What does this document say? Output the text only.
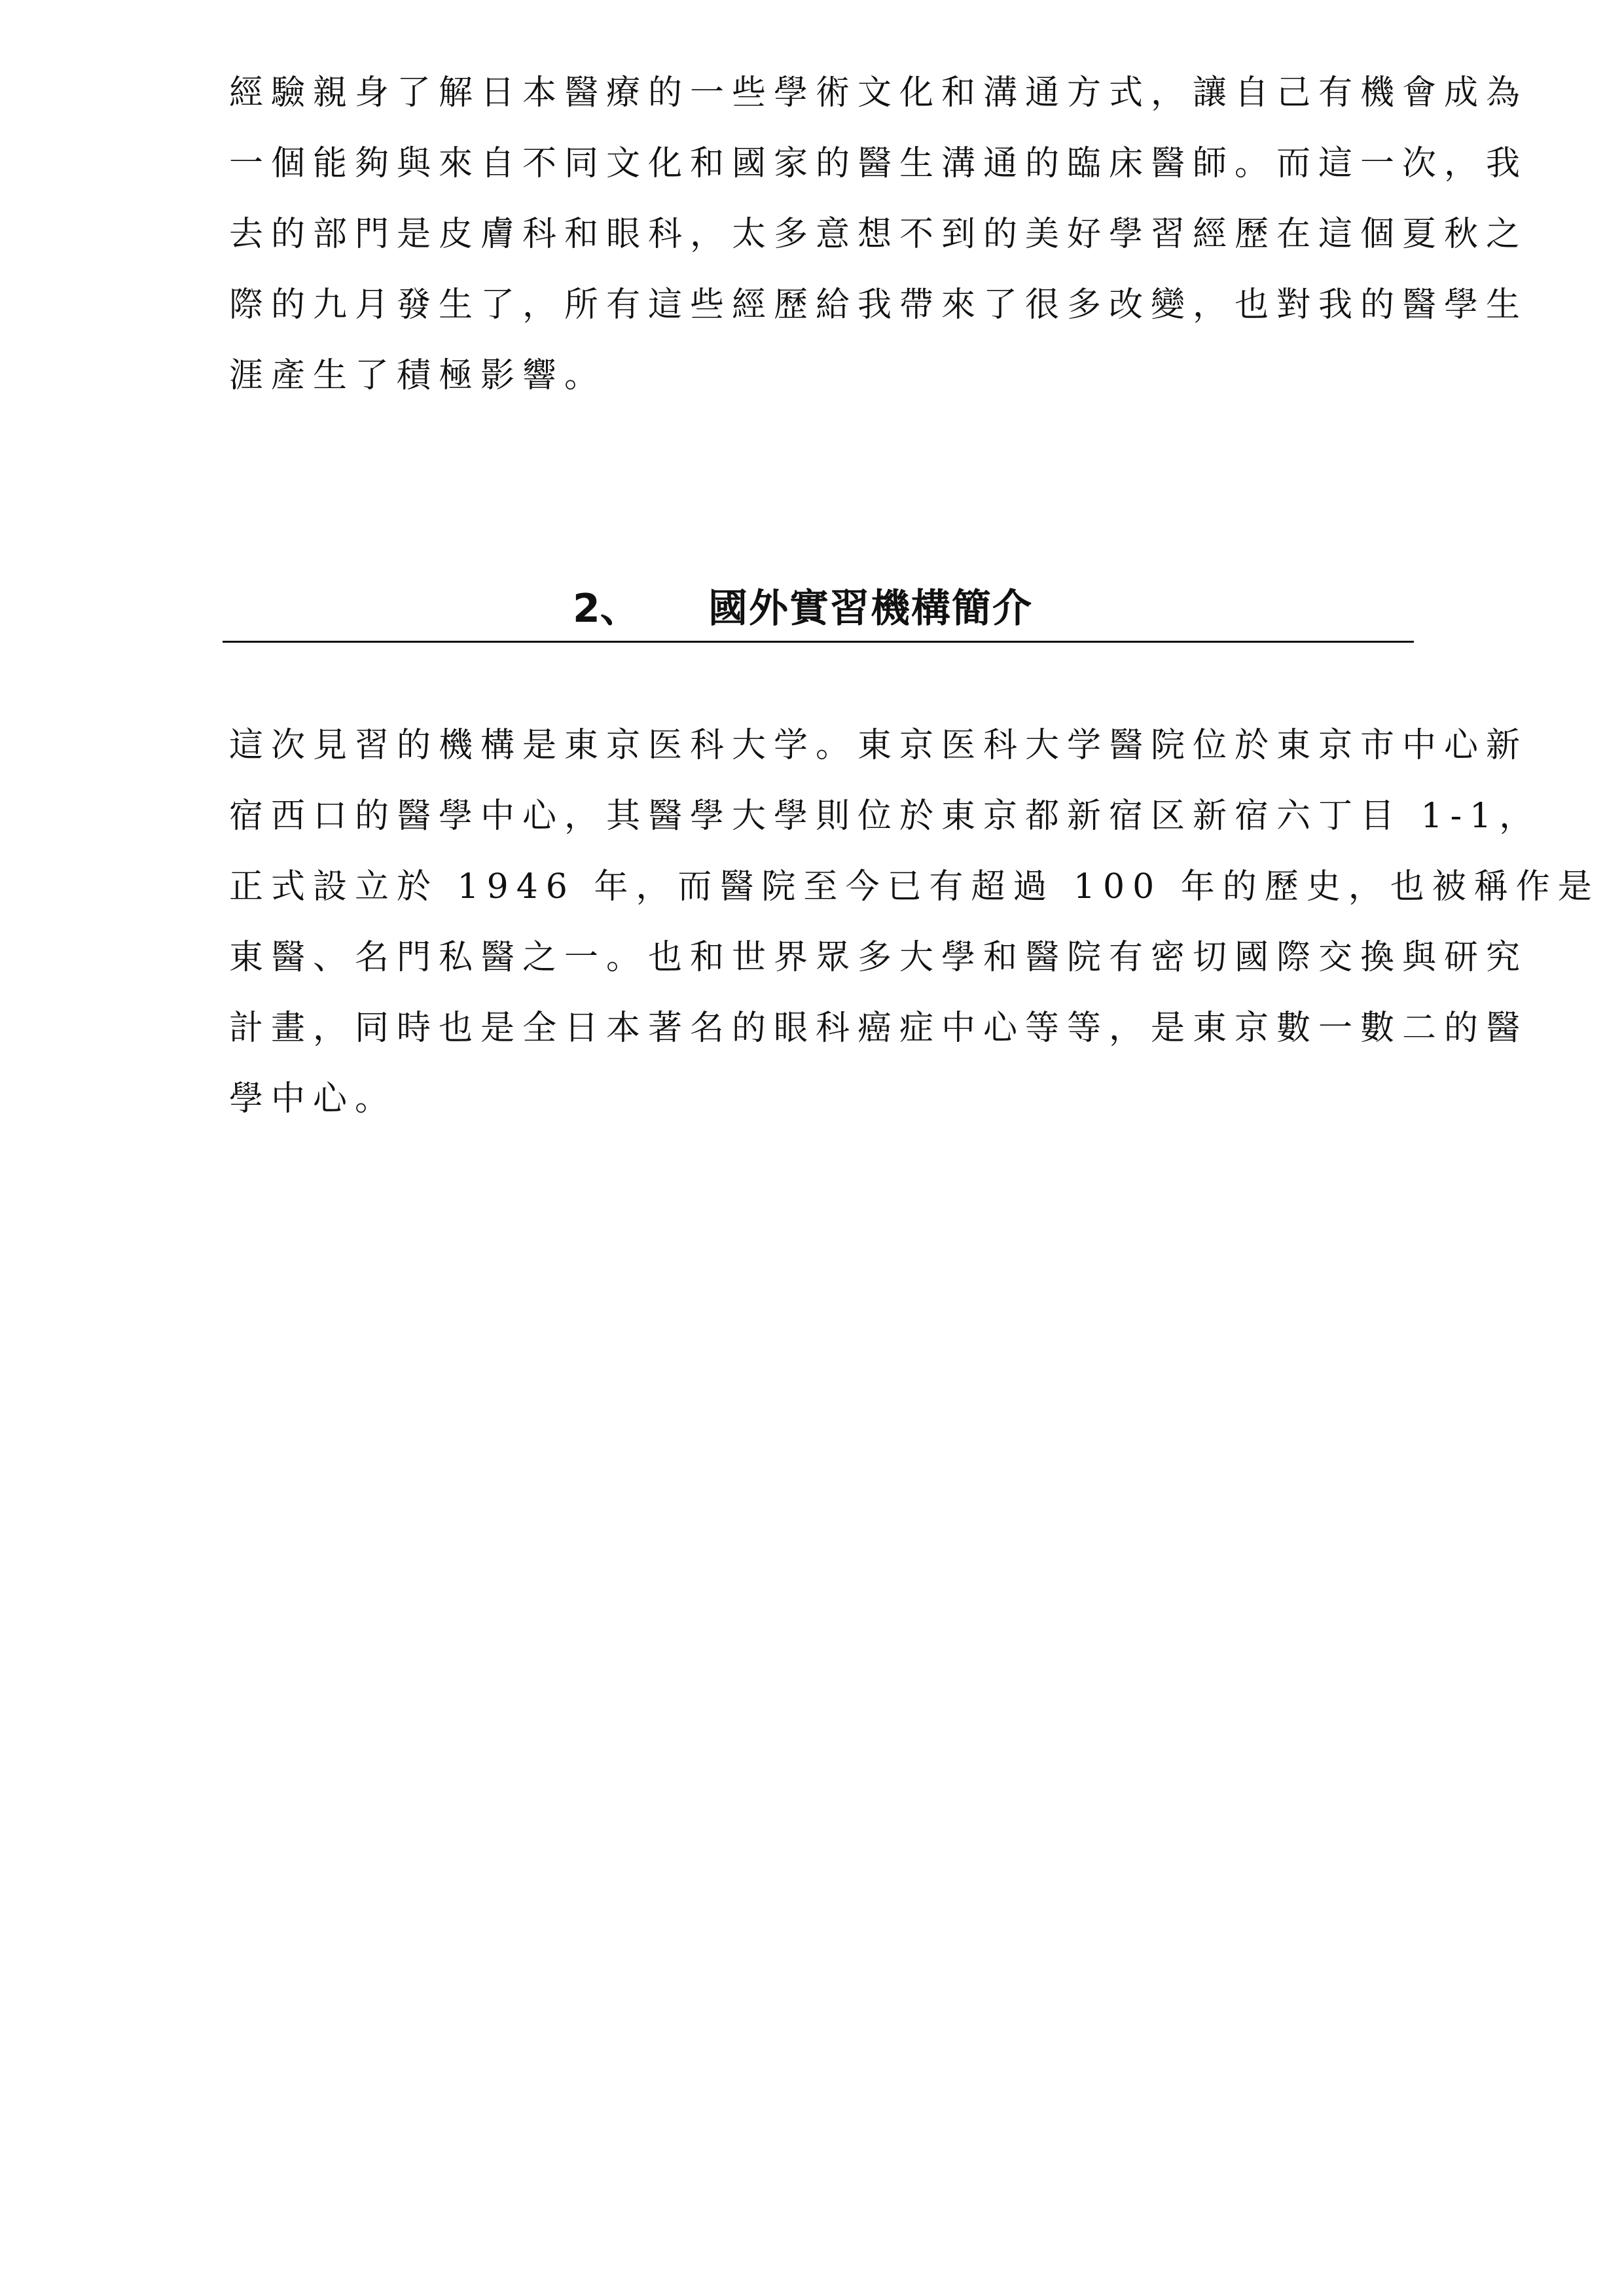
經驗親身了解日本醫療的一些學術文化和溝通方式，讓自己有機會成為
一個能夠與來自不同文化和國家的醫生溝通的臨床醫師。而這一次，我
去的部門是皮膚科和眼科，太多意想不到的美好學習經歷在這個夏秋之
際的九月發生了，所有這些經歷給我帶來了很多改變，也對我的醫學生
涯產生了積極影響。

2、 國外實習機構簡介

這次見習的機構是東京医科大学。東京医科大学醫院位於東京市中心新
宿西口的醫學中心，其醫學大學則位於東京都新宿区新宿六丁目 1-1，
正式設立於 1946 年，而醫院至今已有超過 100 年的歷史，也被稱作是
東醫、名門私醫之一。也和世界眾多大學和醫院有密切國際交換與研究
計畫，同時也是全日本著名的眼科癌症中心等等，是東京數一數二的醫
學中心。
